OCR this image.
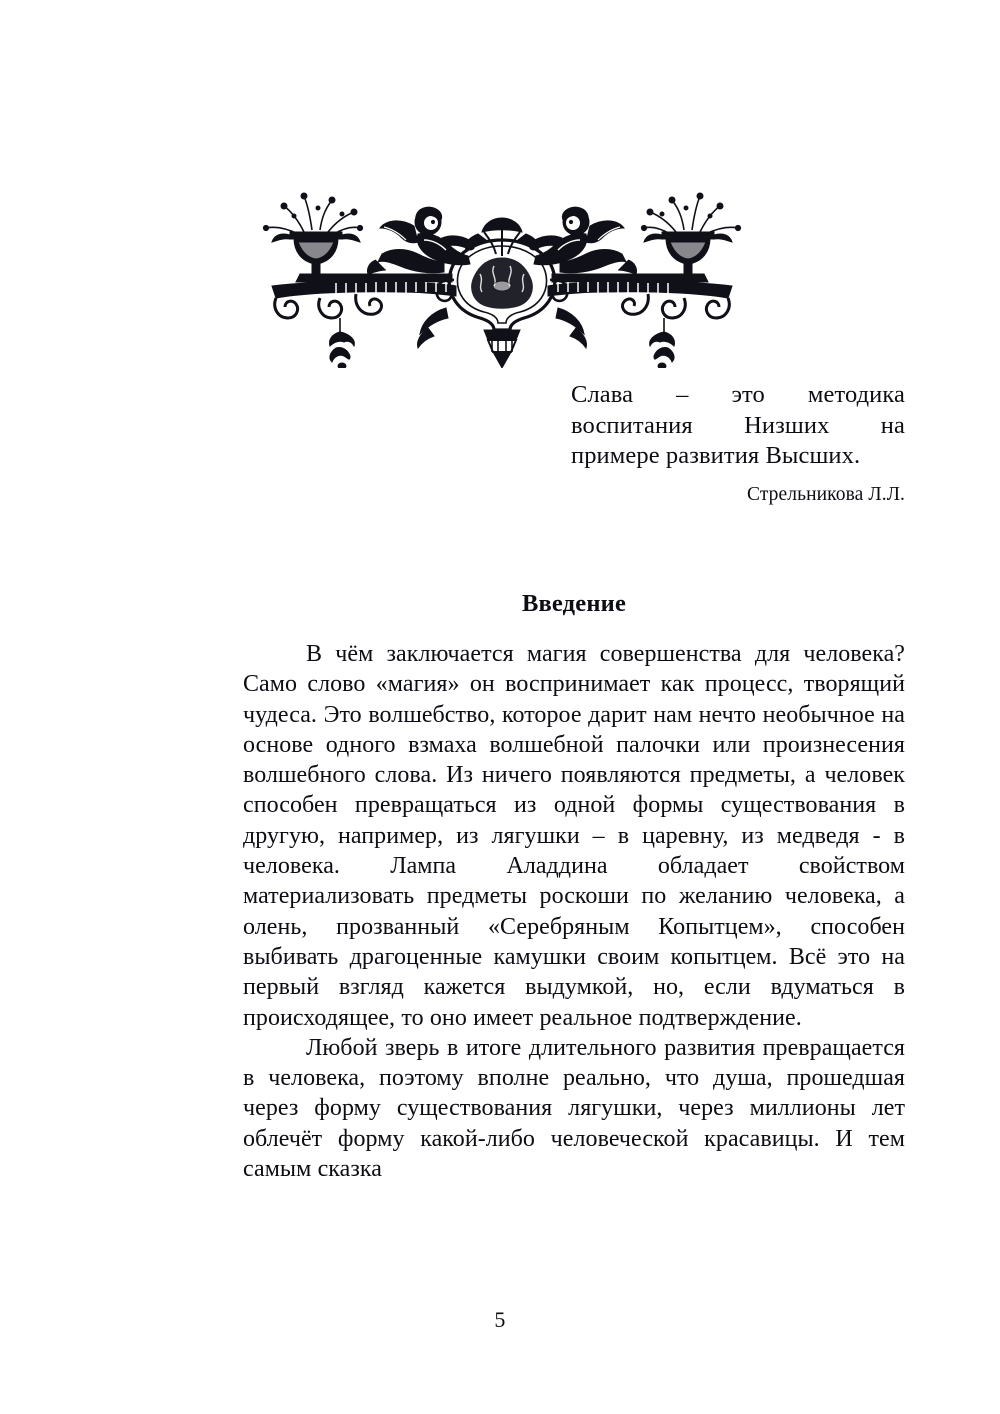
Слава – это методика воспитания Низших на примере развития Высших.

Стрельникова Л.Л.
Введение

В чём заключается магия совершенства для человека? Само слово «магия» он воспринимает как процесс, творящий чудеса. Это волшебство, которое дарит нам нечто необычное на основе одного взмаха волшебной палочки или произнесения волшебного слова. Из ничего появляются предметы, а человек способен превращаться из одной формы существования в другую, например, из лягушки – в царевну, из медведя - в человека. Лампа Аладдина обладает свойством материализовать предметы роскоши по желанию человека, а олень, прозванный «Серебряным Копытцем», способен выбивать драгоценные камушки своим копытцем. Всё это на первый взгляд кажется выдумкой, но, если вдуматься в происходящее, то оно имеет реальное подтверждение.

Любой зверь в итоге длительного развития превращается в человека, поэтому вполне реально, что душа, прошедшая через форму существования лягушки, через миллионы лет облечёт форму какой-либо человеческой красавицы. И тем самым сказка

5
